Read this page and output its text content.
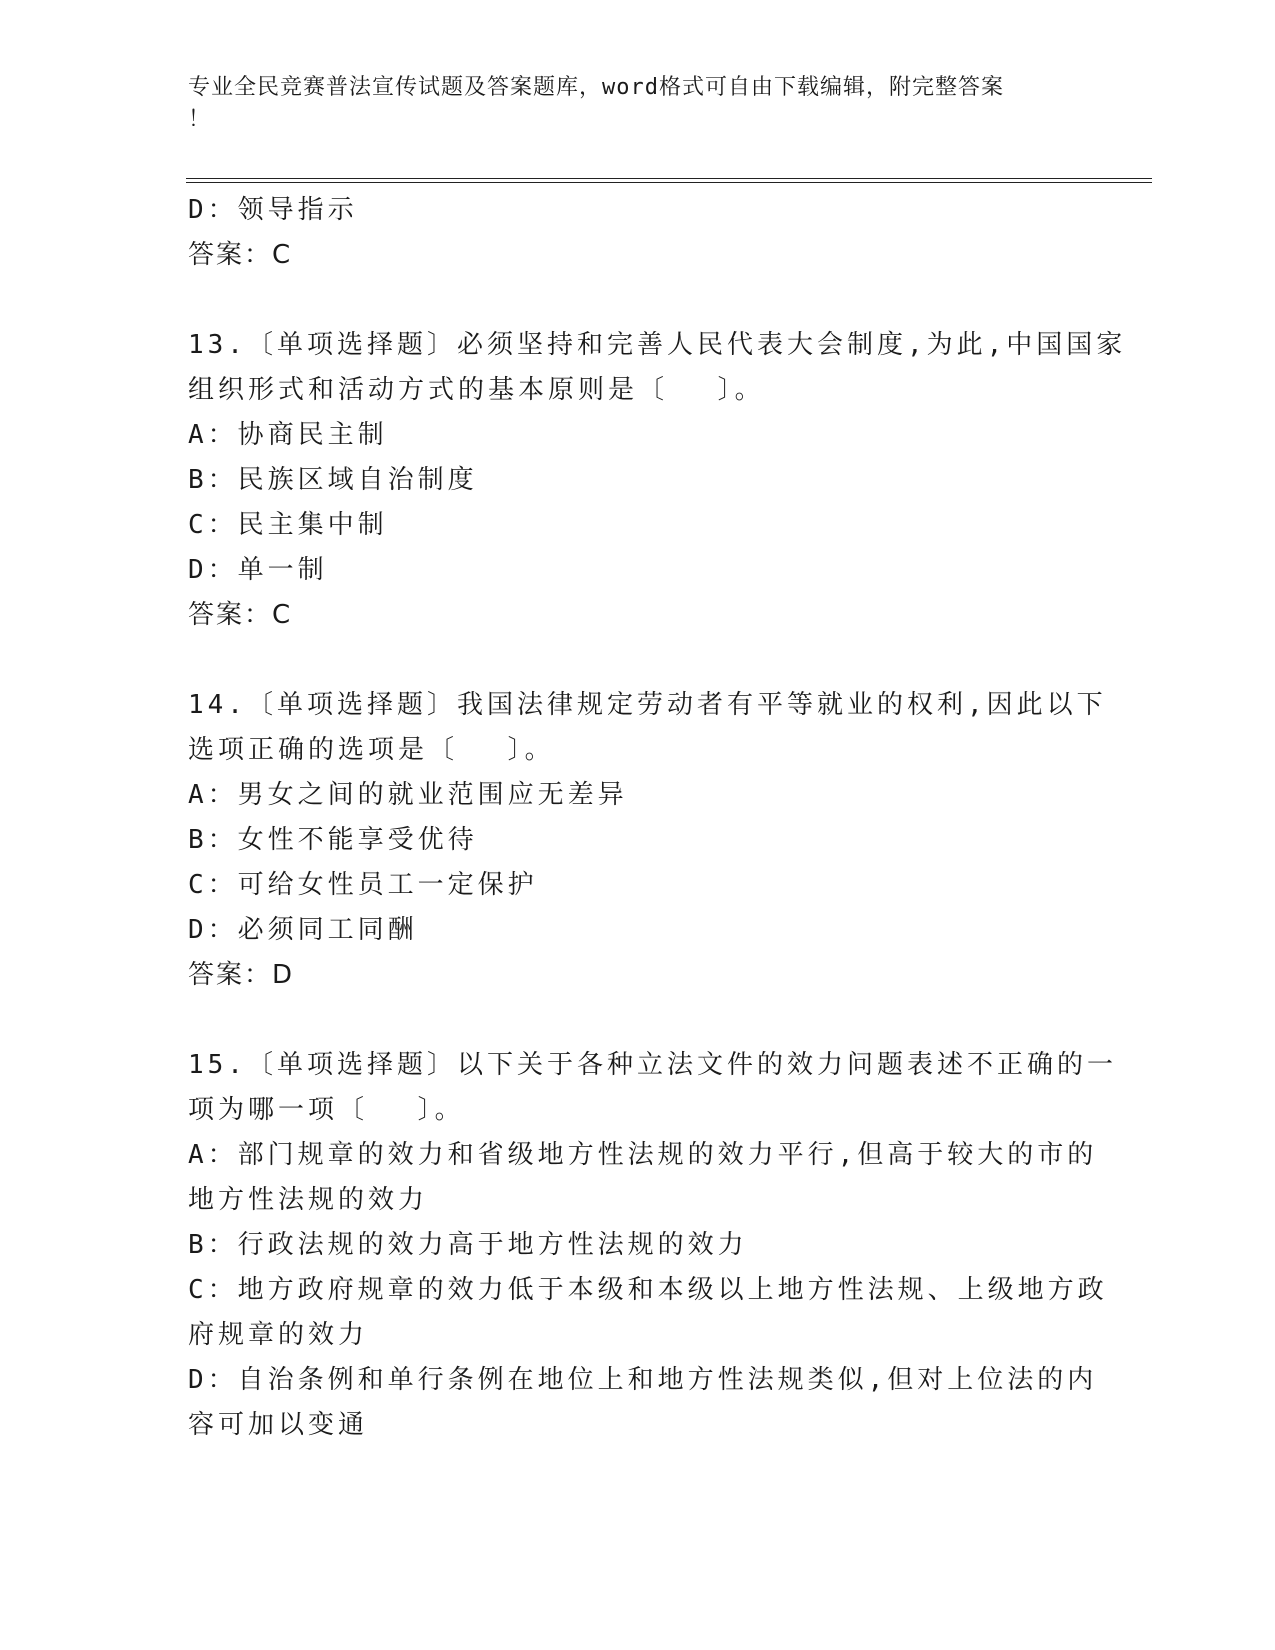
专业全民竞赛普法宣传试题及答案题库，word格式可自由下载编辑，附完整答案
！
D：领导指示
答案：C
13.〔单项选择题〕必须坚持和完善人民代表大会制度,为此,中国国家
组织形式和活动方式的基本原则是〔 　〕。
A：协商民主制
B：民族区域自治制度
C：民主集中制
D：单一制
答案：C
14.〔单项选择题〕我国法律规定劳动者有平等就业的权利,因此以下
选项正确的选项是〔 　〕。
A：男女之间的就业范围应无差异
B：女性不能享受优待
C：可给女性员工一定保护
D：必须同工同酬
答案：D
15.〔单项选择题〕以下关于各种立法文件的效力问题表述不正确的一
项为哪一项〔 　〕。
A：部门规章的效力和省级地方性法规的效力平行,但高于较大的市的
地方性法规的效力
B：行政法规的效力高于地方性法规的效力
C：地方政府规章的效力低于本级和本级以上地方性法规、上级地方政
府规章的效力
D：自治条例和单行条例在地位上和地方性法规类似,但对上位法的内
容可加以变通
